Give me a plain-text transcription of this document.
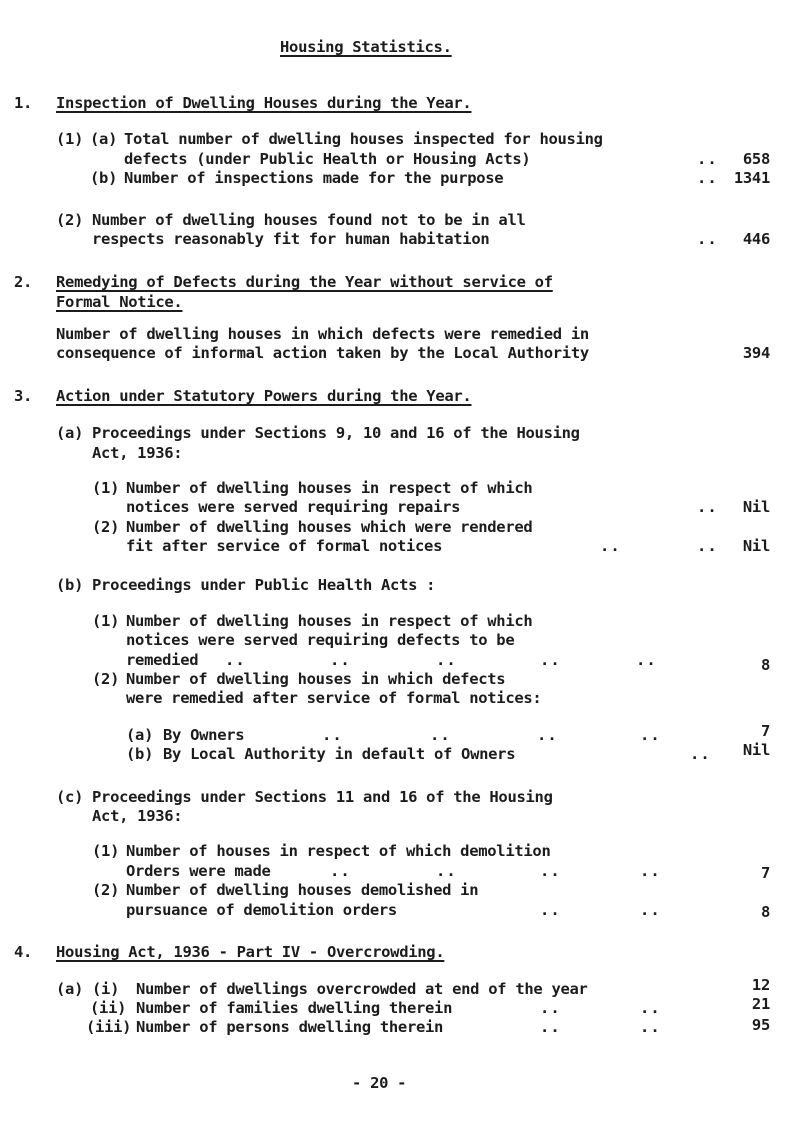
Housing Statistics.
1. Inspection of Dwelling Houses during the Year.
(1) (a) Total number of dwelling houses inspected for housing
defects (under Public Health or Housing Acts)	.. 658
(b) Number of inspections made for the purpose	.. 1341
(2) Number of dwelling houses found not to be in all
respects reasonably fit for human habitation	.. 446
2. Remedying of Defects during the Year without service of
Formal Notice.
Number of dwelling houses in which defects were remedied in
consequence of informal action taken by the Local Authority	394
3. Action under Statutory Powers during the Year.
(a) Proceedings under Sections 9, 10 and 16 of the Housing
Act, 1936:
(1) Number of dwelling houses in respect of which
notices were served requiring repairs	.. Nil
(2) Number of dwelling houses which were rendered
fit after service of formal notices	..	.. Nil
(b) Proceedings under Public Health Acts :
(1) Number of dwelling houses in respect of which
notices were served requiring defects to be
remedied ..	..	..	..	..	8
(2) Number of dwelling houses in which defects
were remedied after service of formal notices:
(a) By Owners	..	..	..	..	7
(b) By Local Authority in default of Owners	.. Nil
(c) Proceedings under Sections 11 and 16 of the Housing
Act, 1936:
(1) Number of houses in respect of which demolition
Orders were made	..	..	..	..	7
(2) Number of dwelling houses demolished in
pursuance of demolition orders	..	..	8
4. Housing Act, 1936 - Part IV - Overcrowding.
(a) (i) Number of dwellings overcrowded at end of the year	12
(ii) Number of families dwelling therein	..	..	21
(iii) Number of persons dwelling therein	..	..	95
- 20 -
